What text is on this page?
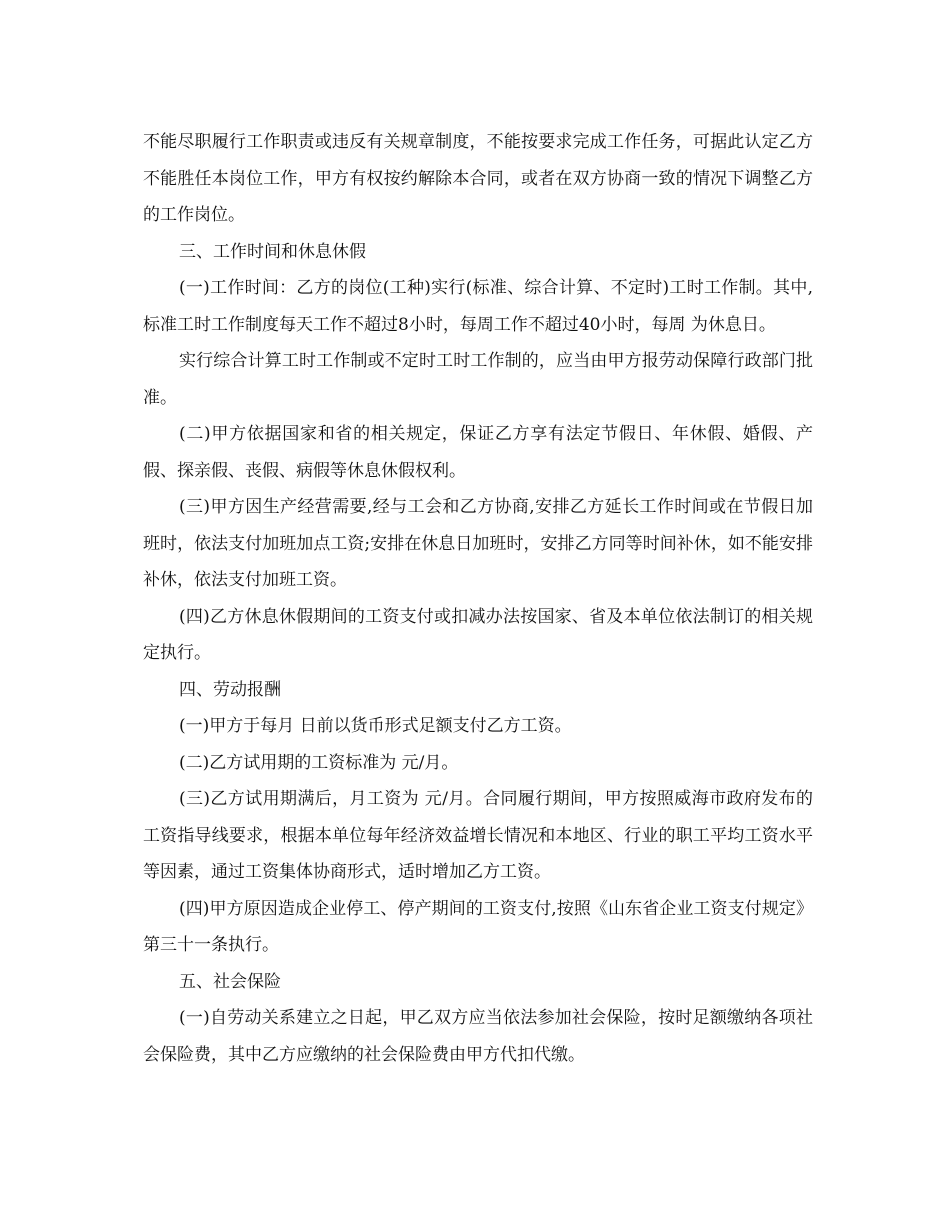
不能尽职履行工作职责或违反有关规章制度，不能按要求完成工作任务，可据此认定乙方不能胜任本岗位工作，甲方有权按约解除本合同，或者在双方协商一致的情况下调整乙方的工作岗位。

三、工作时间和休息休假

(一)工作时间：乙方的岗位(工种)实行(标准、综合计算、不定时)工时工作制。其中,标准工时工作制度每天工作不超过8小时，每周工作不超过40小时，每周 为休息日。

实行综合计算工时工作制或不定时工时工作制的，应当由甲方报劳动保障行政部门批准。

(二)甲方依据国家和省的相关规定，保证乙方享有法定节假日、年休假、婚假、产假、探亲假、丧假、病假等休息休假权利。

(三)甲方因生产经营需要,经与工会和乙方协商,安排乙方延长工作时间或在节假日加班时，依法支付加班加点工资;安排在休息日加班时，安排乙方同等时间补休，如不能安排补休，依法支付加班工资。

(四)乙方休息休假期间的工资支付或扣减办法按国家、省及本单位依法制订的相关规定执行。

四、劳动报酬

(一)甲方于每月 日前以货币形式足额支付乙方工资。

(二)乙方试用期的工资标准为 元/月。

(三)乙方试用期满后，月工资为 元/月。合同履行期间，甲方按照威海市政府发布的工资指导线要求，根据本单位每年经济效益增长情况和本地区、行业的职工平均工资水平等因素，通过工资集体协商形式，适时增加乙方工资。

(四)甲方原因造成企业停工、停产期间的工资支付,按照《山东省企业工资支付规定》第三十一条执行。

五、社会保险

(一)自劳动关系建立之日起，甲乙双方应当依法参加社会保险，按时足额缴纳各项社会保险费，其中乙方应缴纳的社会保险费由甲方代扣代缴。
